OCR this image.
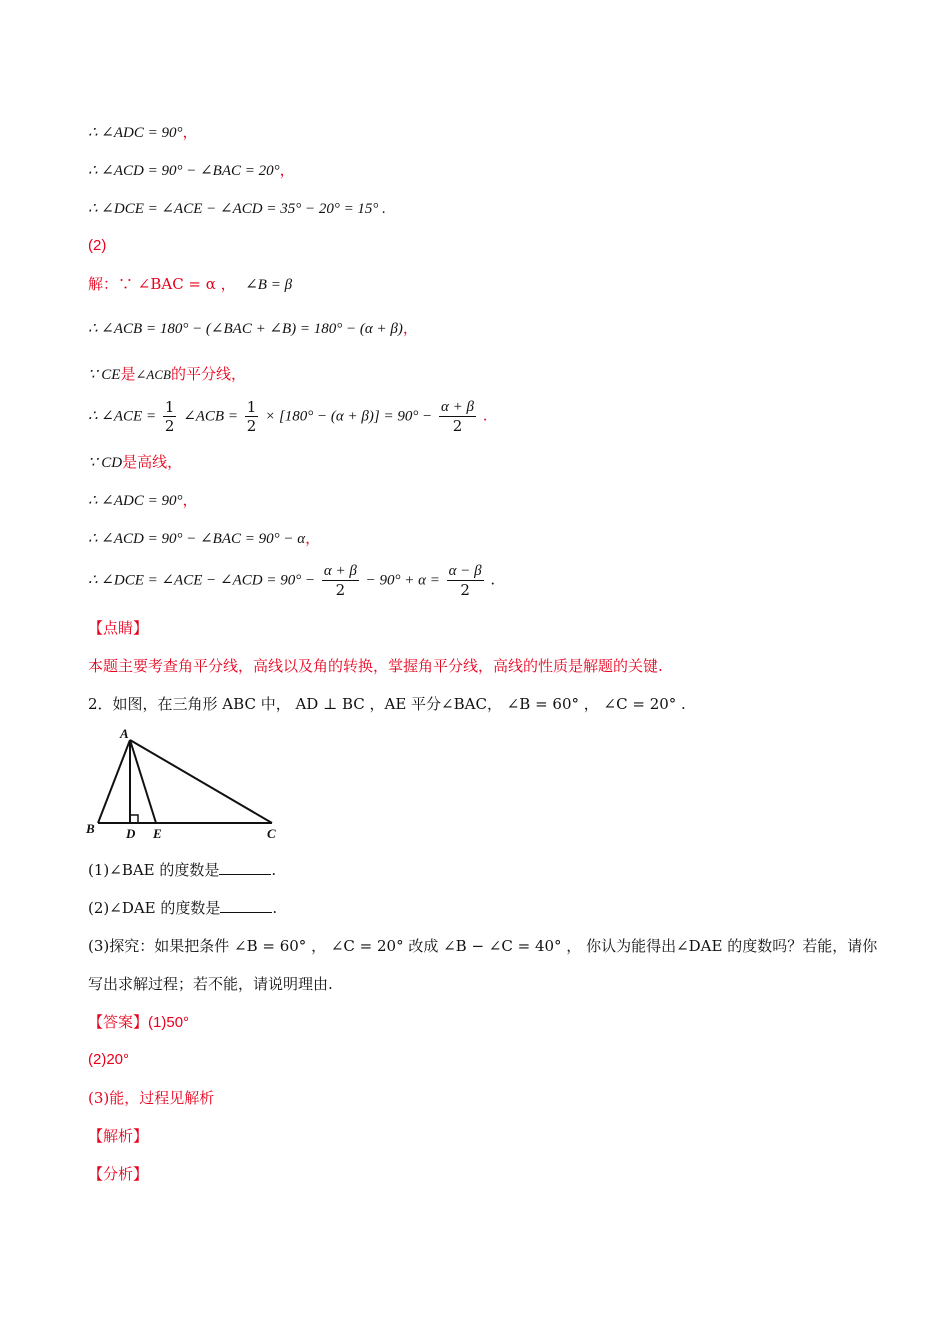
∴ ∠ADC = 90°，
∴ ∠ACD = 90° − ∠BAC = 20°，
∴ ∠DCE = ∠ACE − ∠ACD = 35° − 20° = 15° .
(2)
解：∵ ∠BAC = α ， ∠B = β
∴ ∠ACB = 180° − (∠BAC + ∠B) = 180° − (α + β)，
∵ CE是∠ACB的平分线，
∴ ∠ACE = $\frac{1}{2}$ ∠ACB = $\frac{1}{2} \times [180^\circ - (\alpha + \beta)] = 90^\circ - \frac{\alpha + \beta}{2}$ .
∵ CD是高线，
∴ ∠ADC = 90°，
∴ ∠ACD = 90° − ∠BAC = 90° − α，
∴ ∠DCE = ∠ACE − ∠ACD = $90^\circ - \frac{\alpha + \beta}{2} - 90^\circ + \alpha = \frac{\alpha - \beta}{2}$ .
【点睛】
本题主要考查角平分线，高线以及角的转换，掌握角平分线，高线的性质是解题的关键.
2．如图，在三角形 ABC 中， AD ⊥ BC ，AE 平分∠BAC， ∠B = 60° ， ∠C = 20° .
A
B D E	C
(1)∠BAE 的度数是	.
(2)∠DAE 的度数是	.
(3)探究：如果把条件 ∠B = 60° ， ∠C = 20° 改成 ∠B − ∠C = 40° ， 你认为能得出∠DAE 的度数吗？若能，请你
写出求解过程；若不能，请说明理由.
【答案】(1)50°
(2)20°
(3)能，过程见解析
【解析】
【分析】
